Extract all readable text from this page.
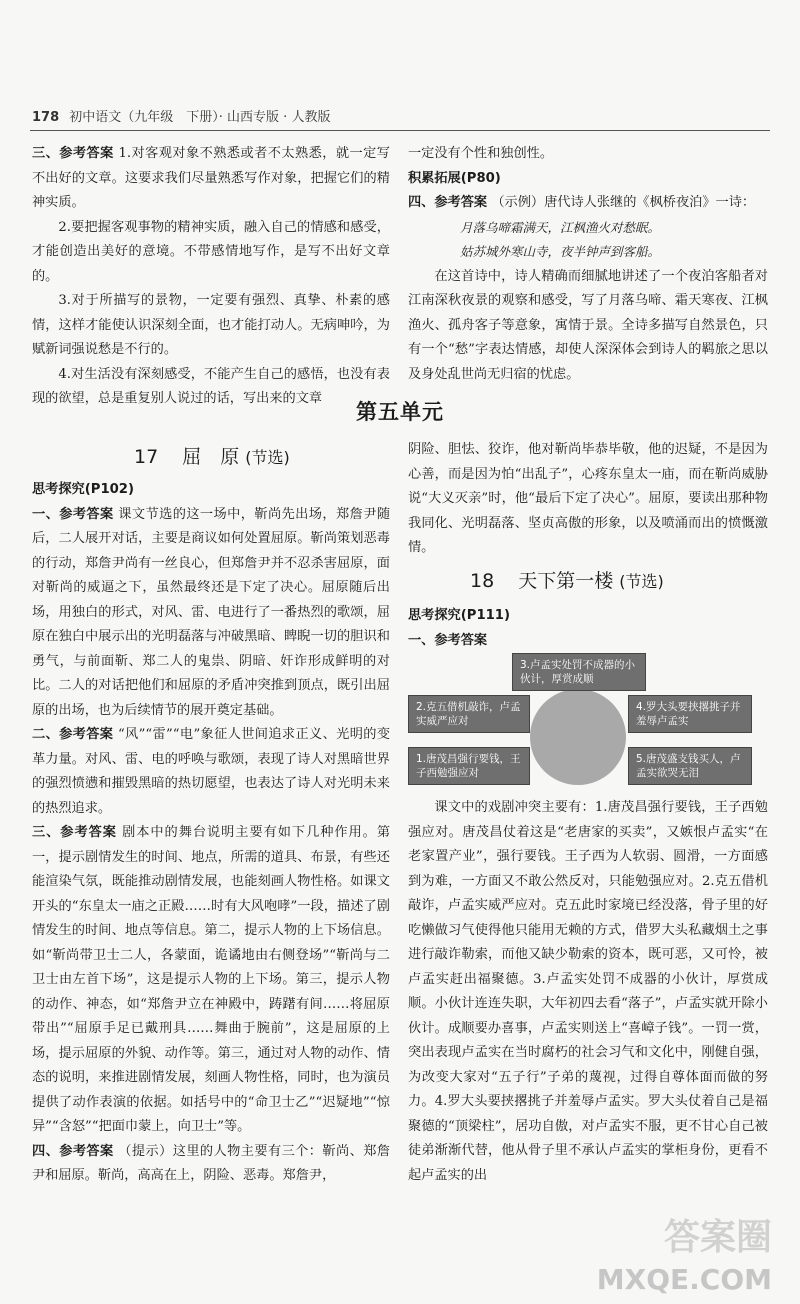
178 初中语文（九年级　下册）· 山西专版 · 人教版

三、参考答案 1.对客观对象不熟悉或者不太熟悉，就一定写不出好的文章。这要求我们尽量熟悉写作对象，把握它们的精神实质。

2.要把握客观事物的精神实质，融入自己的情感和感受，才能创造出美好的意境。不带感情地写作，是写不出好文章的。

3.对于所描写的景物，一定要有强烈、真挚、朴素的感情，这样才能使认识深刻全面，也才能打动人。无病呻吟，为赋新词强说愁是不行的。

4.对生活没有深刻感受，不能产生自己的感悟，也没有表现的欲望，总是重复别人说过的话，写出来的文章

一定没有个性和独创性。

积累拓展(P80)

四、参考答案 （示例）唐代诗人张继的《枫桥夜泊》一诗：

月落乌啼霜满天，江枫渔火对愁眠。

姑苏城外寒山寺，夜半钟声到客船。

在这首诗中，诗人精确而细腻地讲述了一个夜泊客船者对江南深秋夜景的观察和感受，写了月落乌啼、霜天寒夜、江枫渔火、孤舟客子等意象，寓情于景。全诗多描写自然景色，只有一个“愁”字表达情感，却使人深深体会到诗人的羁旅之思以及身处乱世尚无归宿的忧虑。

第五单元
17 屈　原 (节选)

思考探究(P102)

一、参考答案 课文节选的这一场中，靳尚先出场，郑詹尹随后，二人展开对话，主要是商议如何处置屈原。靳尚策划恶毒的行动，郑詹尹尚有一丝良心，但郑詹尹并不忍杀害屈原，面对靳尚的威逼之下，虽然最终还是下定了决心。屈原随后出场，用独白的形式，对风、雷、电进行了一番热烈的歌颂，屈原在独白中展示出的光明磊落与冲破黑暗、睥睨一切的胆识和勇气，与前面靳、郑二人的鬼祟、阴暗、奸诈形成鲜明的对比。二人的对话把他们和屈原的矛盾冲突推到顶点，既引出屈原的出场，也为后续情节的展开奠定基础。

二、参考答案 “风”“雷”“电”象征人世间追求正义、光明的变革力量。对风、雷、电的呼唤与歌颂，表现了诗人对黑暗世界的强烈愤懑和摧毁黑暗的热切愿望，也表达了诗人对光明未来的热烈追求。

三、参考答案 剧本中的舞台说明主要有如下几种作用。第一，提示剧情发生的时间、地点，所需的道具、布景，有些还能渲染气氛，既能推动剧情发展，也能刻画人物性格。如课文开头的“东皇太一庙之正殿……时有大风咆哮”一段，描述了剧情发生的时间、地点等信息。第二，提示人物的上下场信息。如“靳尚带卫士二人，各蒙面，诡谲地由右侧登场”“靳尚与二卫士由左首下场”，这是提示人物的上下场。第三，提示人物的动作、神态，如“郑詹尹立在神殿中，踌躇有间……将屈原带出”“屈原手足已戴刑具……舞曲于腕前”，这是屈原的上场，提示屈原的外貌、动作等。第三，通过对人物的动作、情态的说明，来推进剧情发展，刻画人物性格，同时，也为演员提供了动作表演的依据。如括号中的“命卫士乙”“迟疑地”“惊异”“含怒”“把面巾蒙上，向卫士”等。

四、参考答案 （提示）这里的人物主要有三个：靳尚、郑詹尹和屈原。靳尚，高高在上，阴险、恶毒。郑詹尹，

阴险、胆怯、狡诈，他对靳尚毕恭毕敬，他的迟疑，不是因为心善，而是因为怕“出乱子”，心疼东皇太一庙，而在靳尚威胁说“大义灭亲”时，他“最后下定了决心”。屈原，要读出那种物我同化、光明磊落、坚贞高傲的形象，以及喷涌而出的愤慨激情。

18 天下第一楼 (节选)

思考探究(P111)

一、参考答案

3.卢孟实处罚不成器的小伙计，厚赏成顺
2.克五借机敲诈，卢孟实威严应对
4.罗大头要挟撂挑子并羞辱卢孟实
1.唐茂昌强行要钱，王子西勉强应对
5.唐茂盛支钱买人，卢孟实欲哭无泪

课文中的戏剧冲突主要有：1.唐茂昌强行要钱，王子西勉强应对。唐茂昌仗着这是“老唐家的买卖”，又嫉恨卢孟实“在老家置产业”，强行要钱。王子西为人软弱、圆滑，一方面感到为难，一方面又不敢公然反对，只能勉强应对。2.克五借机敲诈，卢孟实威严应对。克五此时家境已经没落，骨子里的好吃懒做习气使得他只能用无赖的方式，借罗大头私藏烟土之事进行敲诈勒索，而他又缺少勒索的资本，既可恶，又可怜，被卢孟实赶出福聚德。3.卢孟实处罚不成器的小伙计，厚赏成顺。小伙计连连失职，大年初四去看“落子”，卢孟实就开除小伙计。成顺要办喜事，卢孟实则送上“喜嶂子钱”。一罚一赏，突出表现卢孟实在当时腐朽的社会习气和文化中，刚健自强，为改变大家对“五子行”子弟的蔑视，过得自尊体面而做的努力。4.罗大头要挟撂挑子并羞辱卢孟实。罗大头仗着自己是福聚德的“顶梁柱”，居功自傲，对卢孟实不服，更不甘心自己被徒弟渐渐代替，他从骨子里不承认卢孟实的掌柜身份，更看不起卢孟实的出

答案圈
MXQE.COM
